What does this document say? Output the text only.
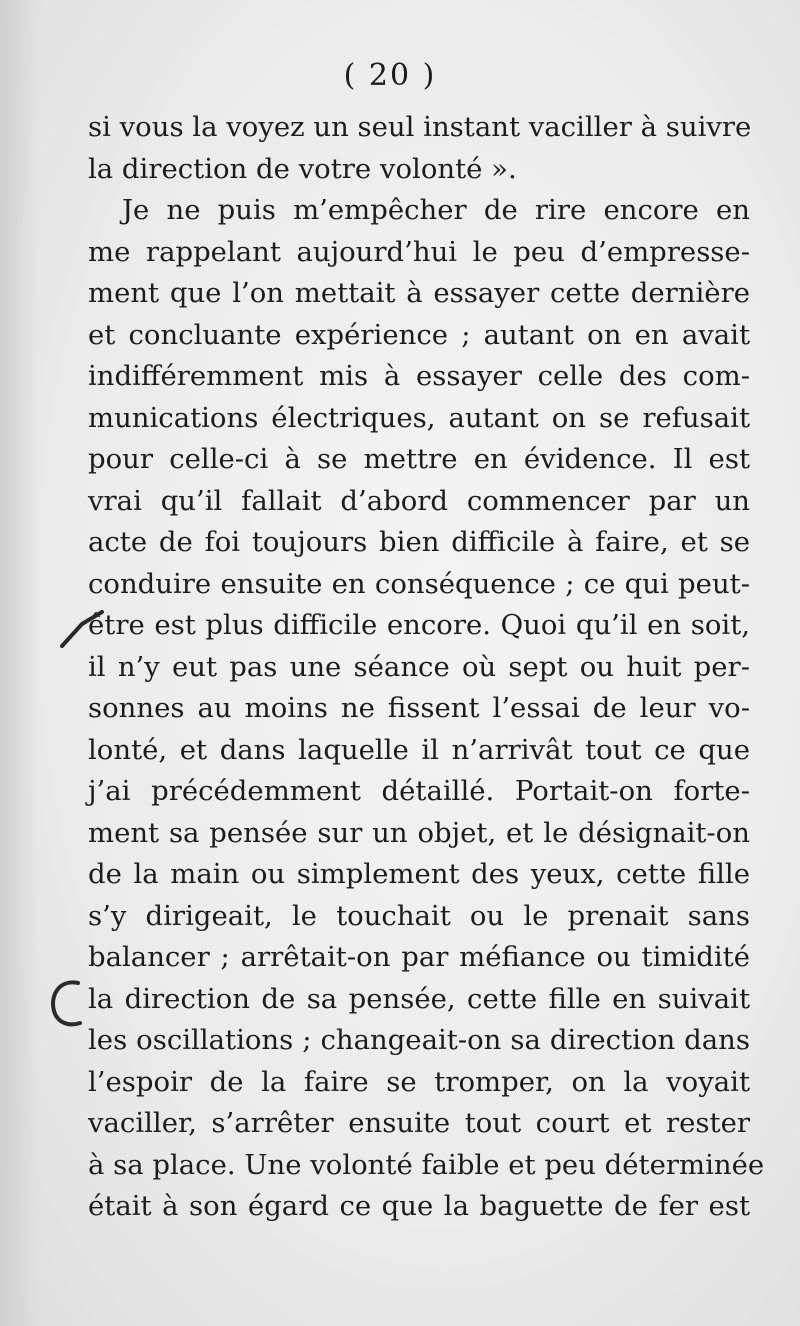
( 20 )
si vous la voyez un seul instant vaciller à suivre
la direction de votre volonté ».
Je ne puis m’empêcher de rire encore en
me rappelant aujourd’hui le peu d’empresse-
ment que l’on mettait à essayer cette dernière
et concluante expérience ; autant on en avait
indifféremment mis à essayer celle des com-
munications électriques, autant on se refusait
pour celle-ci à se mettre en évidence. Il est
vrai qu’il fallait d’abord commencer par un
acte de foi toujours bien difficile à faire, et se
conduire ensuite en conséquence ; ce qui peut-
être est plus difficile encore. Quoi qu’il en soit,
il n’y eut pas une séance où sept ou huit per-
sonnes au moins ne fissent l’essai de leur vo-
lonté, et dans laquelle il n’arrivât tout ce que
j’ai précédemment détaillé. Portait-on forte-
ment sa pensée sur un objet, et le désignait-on
de la main ou simplement des yeux, cette fille
s’y dirigeait, le touchait ou le prenait sans
balancer ; arrêtait-on par méfiance ou timidité
la direction de sa pensée, cette fille en suivait
les oscillations ; changeait-on sa direction dans
l’espoir de la faire se tromper, on la voyait
vaciller, s’arrêter ensuite tout court et rester
à sa place. Une volonté faible et peu déterminée
était à son égard ce que la baguette de fer est
